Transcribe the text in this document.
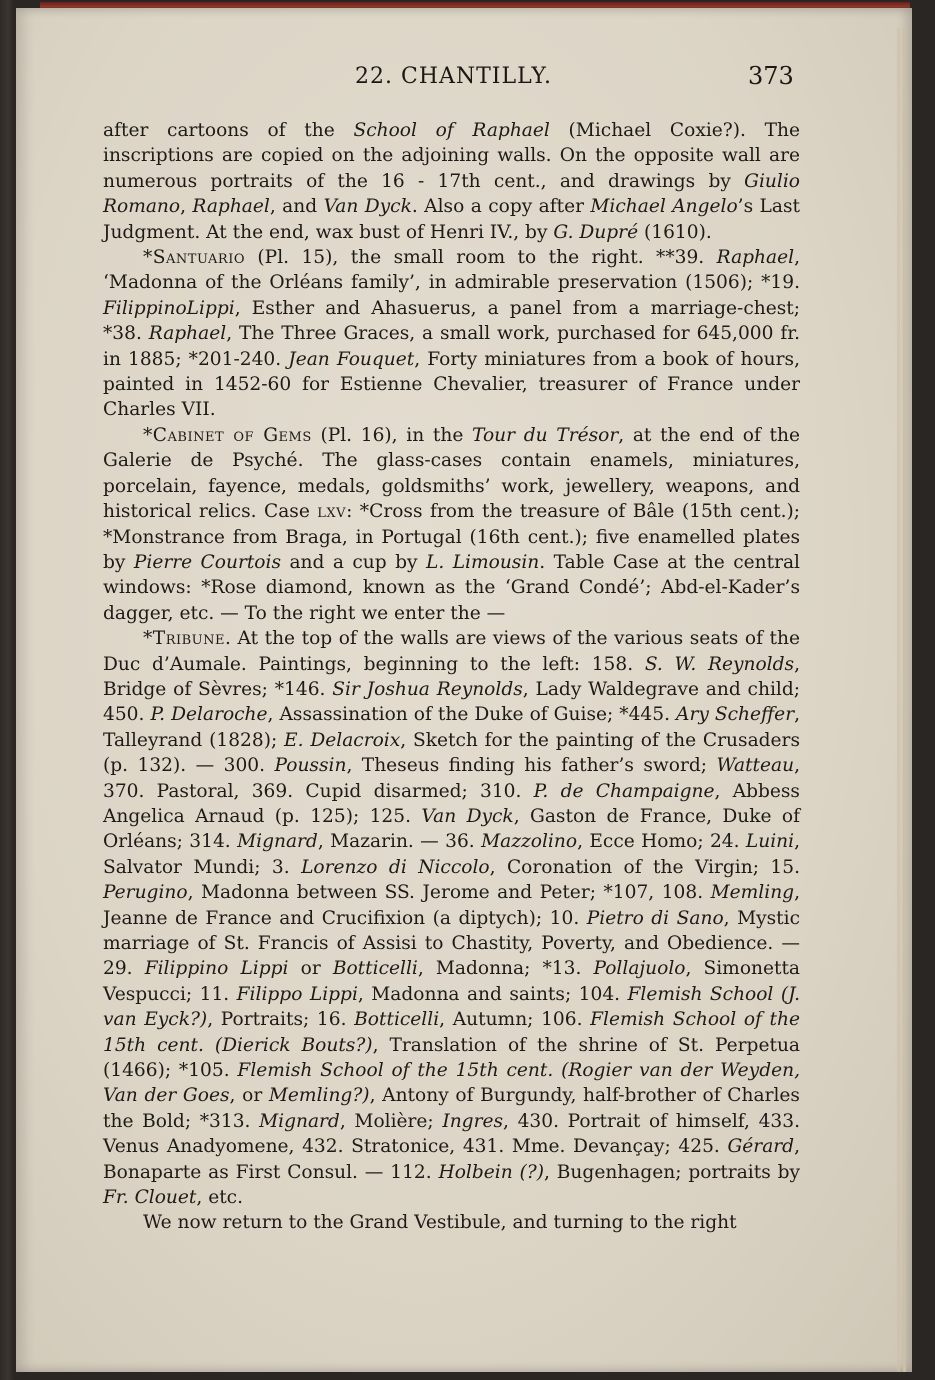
22. CHANTILLY.	373

after cartoons of the School of Raphael (Michael Coxie?). The inscriptions are copied on the adjoining walls. On the opposite wall are numerous portraits of the 16 - 17th cent., and drawings by Giulio Romano, Raphael, and Van Dyck. Also a copy after Michael Angelo’s Last Judgment. At the end, wax bust of Henri IV., by G. Dupré (1610).

*Santuario (Pl. 15), the small room to the right. **39. Raphael, ‘Madonna of the Orléans family’, in admirable preservation (1506); *19. FilippinoLippi, Esther and Ahasuerus, a panel from a marriage-chest; *38. Raphael, The Three Graces, a small work, purchased for 645,000 fr. in 1885; *201-240. Jean Fouquet, Forty miniatures from a book of hours, painted in 1452-60 for Estienne Chevalier, treasurer of France under Charles VII.

*Cabinet of Gems (Pl. 16), in the Tour du Trésor, at the end of the Galerie de Psyché. The glass-cases contain enamels, miniatures, porcelain, fayence, medals, goldsmiths’ work, jewellery, weapons, and historical relics. Case lxv: *Cross from the treasure of Bâle (15th cent.); *Monstrance from Braga, in Portugal (16th cent.); five enamelled plates by Pierre Courtois and a cup by L. Limousin. Table Case at the central windows: *Rose diamond, known as the ‘Grand Condé’; Abd-el-Kader’s dagger, etc. — To the right we enter the —

*Tribune. At the top of the walls are views of the various seats of the Duc d’Aumale. Paintings, beginning to the left: 158. S. W. Reynolds, Bridge of Sèvres; *146. Sir Joshua Reynolds, Lady Waldegrave and child; 450. P. Delaroche, Assassination of the Duke of Guise; *445. Ary Scheffer, Talleyrand (1828); E. Delacroix, Sketch for the painting of the Crusaders (p. 132). — 300. Poussin, Theseus finding his father’s sword; Watteau, 370. Pastoral, 369. Cupid disarmed; 310. P. de Champaigne, Abbess Angelica Arnaud (p. 125); 125. Van Dyck, Gaston de France, Duke of Orléans; 314. Mignard, Mazarin. — 36. Mazzolino, Ecce Homo; 24. Luini, Salvator Mundi; 3. Lorenzo di Niccolo, Coronation of the Virgin; 15. Perugino, Madonna between SS. Jerome and Peter; *107, 108. Memling, Jeanne de France and Crucifixion (a diptych); 10. Pietro di Sano, Mystic marriage of St. Francis of Assisi to Chastity, Poverty, and Obedience. — 29. Filippino Lippi or Botticelli, Madonna; *13. Pollajuolo, Simonetta Vespucci; 11. Filippo Lippi, Madonna and saints; 104. Flemish School (J. van Eyck?), Portraits; 16. Botticelli, Autumn; 106. Flemish School of the 15th cent. (Dierick Bouts?), Translation of the shrine of St. Perpetua (1466); *105. Flemish School of the 15th cent. (Rogier van der Weyden, Van der Goes, or Memling?), Antony of Burgundy, half-brother of Charles the Bold; *313. Mignard, Molière; Ingres, 430. Portrait of himself, 433. Venus Anadyomene, 432. Stratonice, 431. Mme. Devançay; 425. Gérard, Bonaparte as First Consul. — 112. Holbein (?), Bugenhagen; portraits by Fr. Clouet, etc.

We now return to the Grand Vestibule, and turning to the right
